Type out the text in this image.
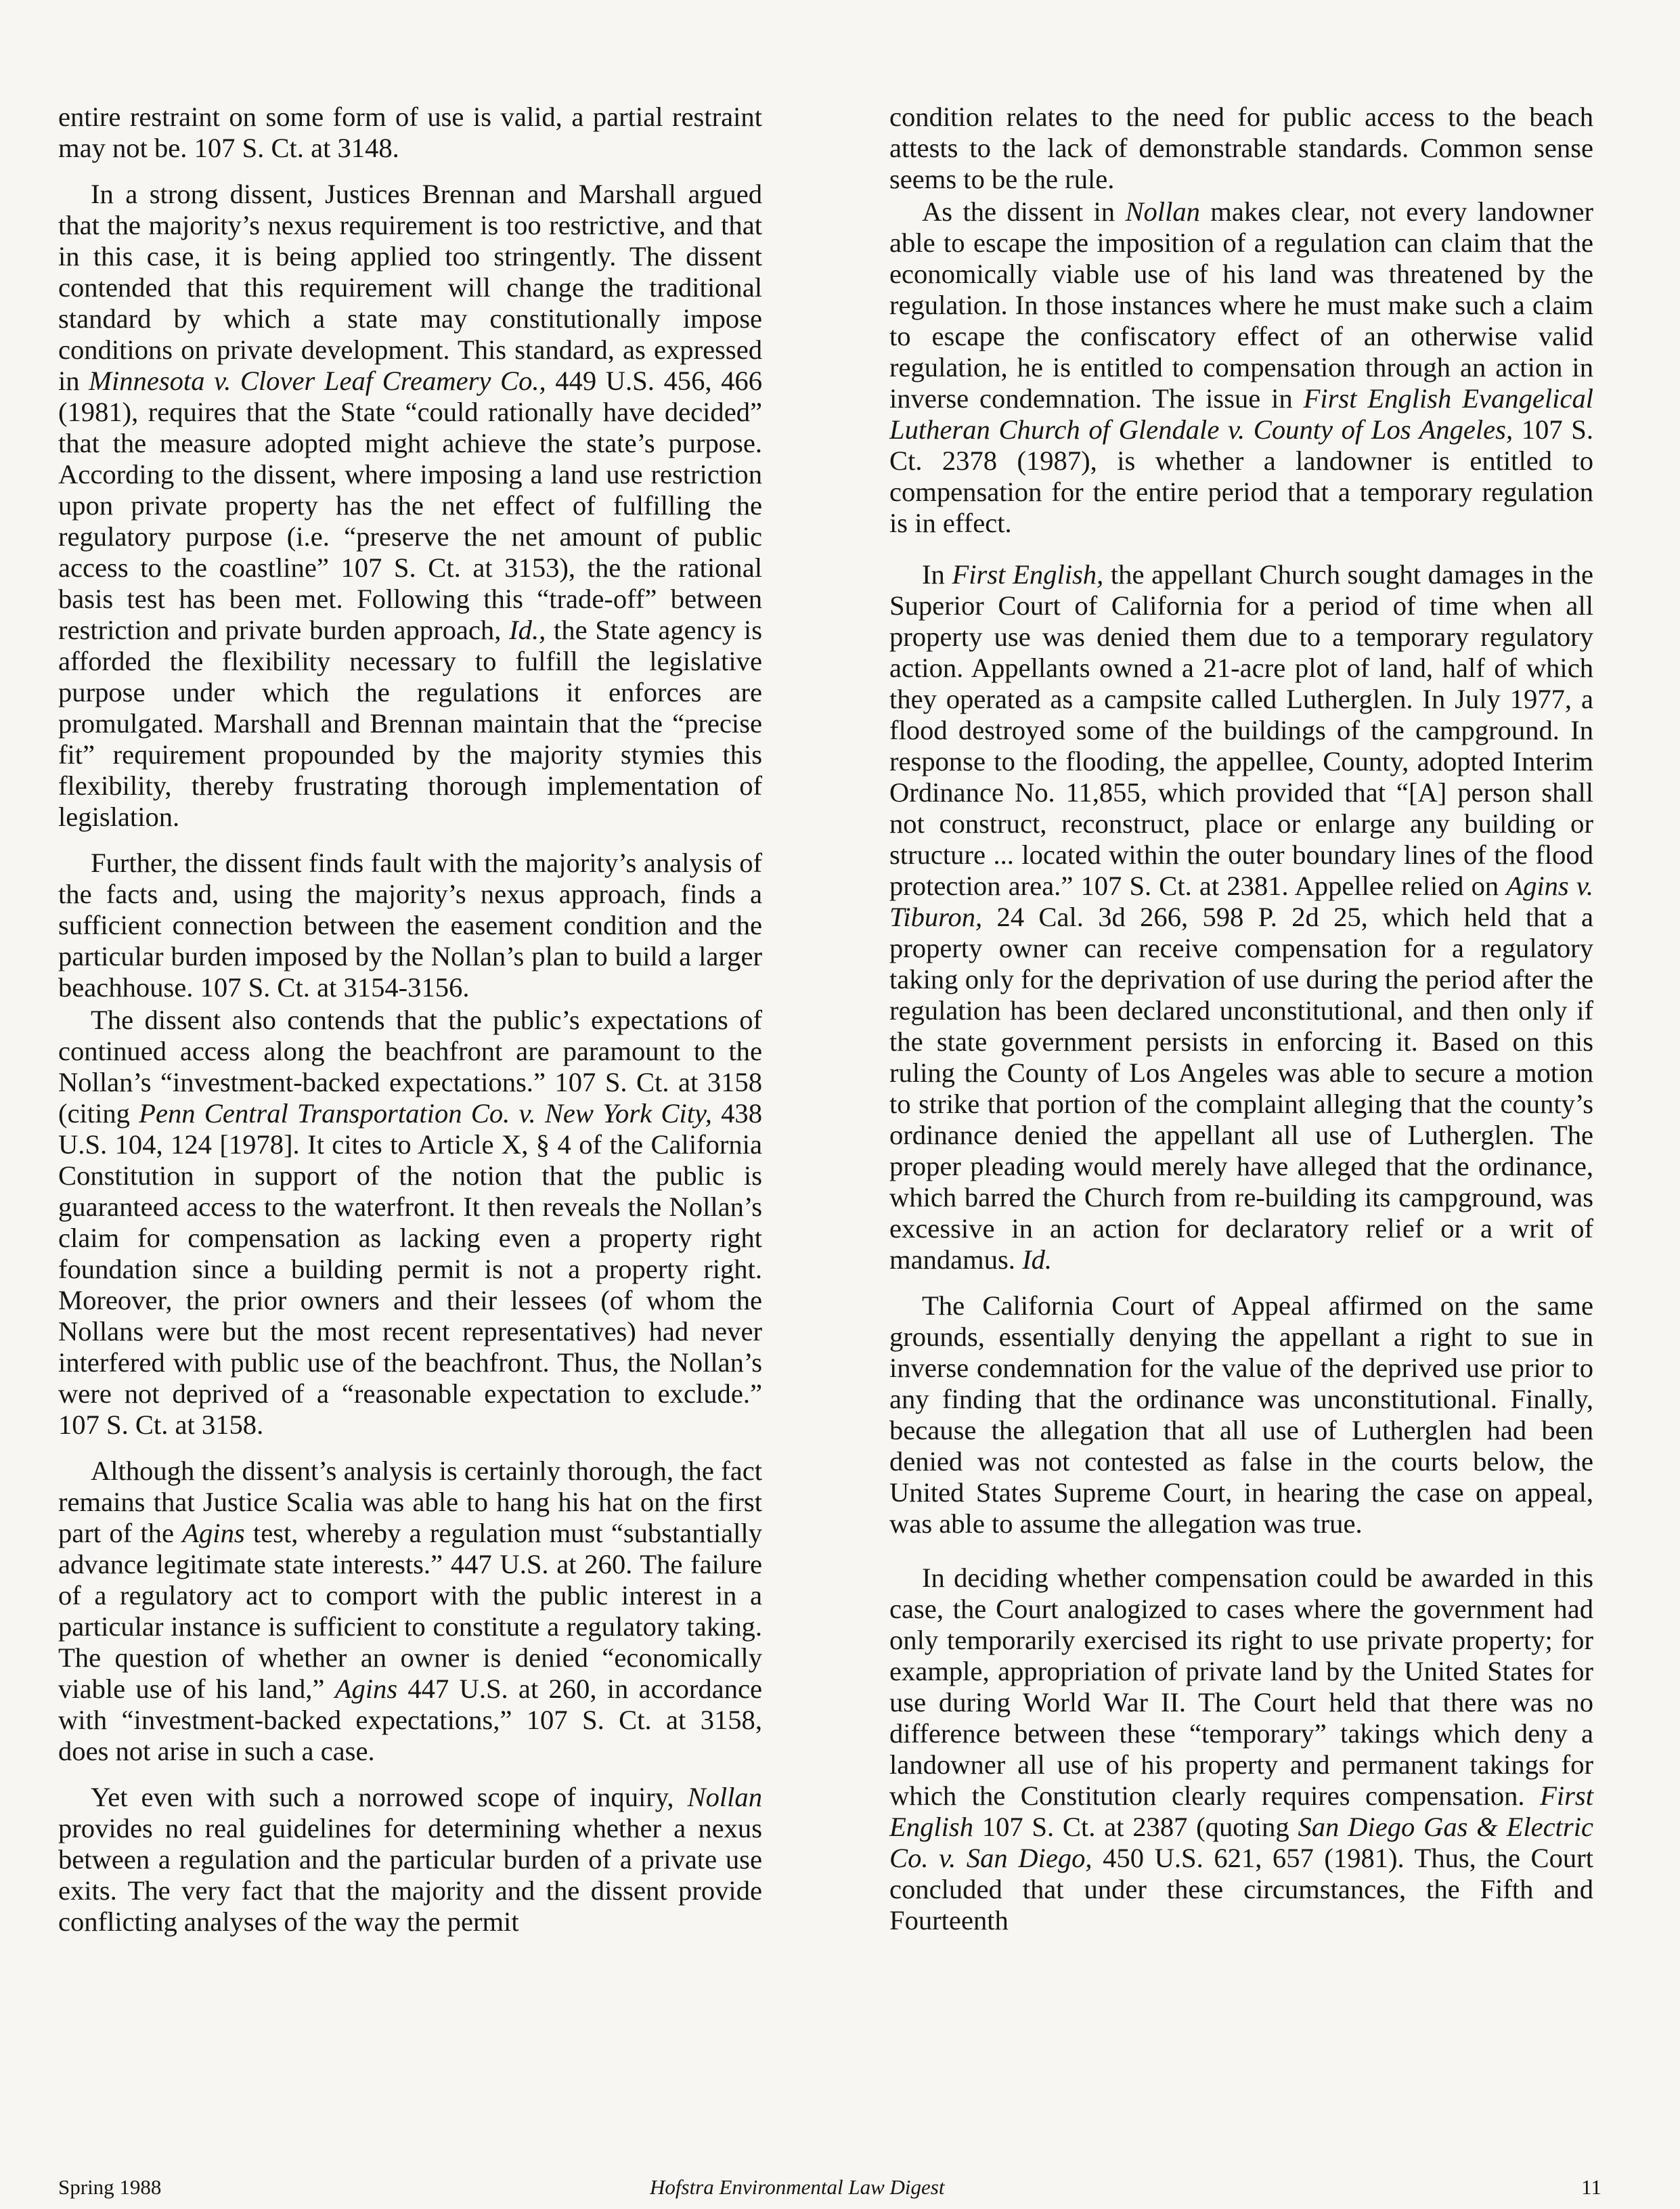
entire restraint on some form of use is valid, a partial restraint may not be. 107 S. Ct. at 3148.

In a strong dissent, Justices Brennan and Marshall argued that the majority’s nexus requirement is too restrictive, and that in this case, it is being applied too stringently. The dissent contended that this requirement will change the traditional standard by which a state may constitutionally impose conditions on private development. This standard, as expressed in Minnesota v. Clover Leaf Creamery Co., 449 U.S. 456, 466 (1981), requires that the State “could rationally have decided” that the measure adopted might achieve the state’s purpose. According to the dissent, where imposing a land use restriction upon private property has the net effect of fulfilling the regulatory purpose (i.e. “preserve the net amount of public access to the coastline” 107 S. Ct. at 3153), the the rational basis test has been met. Following this “trade-off” between restriction and private burden approach, Id., the State agency is afforded the flexibility necessary to fulfill the legislative purpose under which the regulations it enforces are promulgated. Marshall and Brennan maintain that the “precise fit” requirement propounded by the majority stymies this flexibility, thereby frustrating thorough implementation of legislation.

Further, the dissent finds fault with the majority’s analysis of the facts and, using the majority’s nexus approach, finds a sufficient connection between the easement condition and the particular burden imposed by the Nollan’s plan to build a larger beachhouse. 107 S. Ct. at 3154-3156.

The dissent also contends that the public’s expectations of continued access along the beachfront are paramount to the Nollan’s “investment-backed expectations.” 107 S. Ct. at 3158 (citing Penn Central Transportation Co. v. New York City, 438 U.S. 104, 124 [1978]. It cites to Article X, § 4 of the California Constitution in support of the notion that the public is guaranteed access to the waterfront. It then reveals the Nollan’s claim for compensation as lacking even a property right foundation since a building permit is not a property right. Moreover, the prior owners and their lessees (of whom the Nollans were but the most recent representatives) had never interfered with public use of the beachfront. Thus, the Nollan’s were not deprived of a “reasonable expectation to exclude.” 107 S. Ct. at 3158.

Although the dissent’s analysis is certainly thorough, the fact remains that Justice Scalia was able to hang his hat on the first part of the Agins test, whereby a regulation must “substantially advance legitimate state interests.” 447 U.S. at 260. The failure of a regulatory act to comport with the public interest in a particular instance is sufficient to constitute a regulatory taking. The question of whether an owner is denied “economically viable use of his land,” Agins 447 U.S. at 260, in accordance with “investment-backed expectations,” 107 S. Ct. at 3158, does not arise in such a case.

Yet even with such a norrowed scope of inquiry, Nollan provides no real guidelines for determining whether a nexus between a regulation and the particular burden of a private use exits. The very fact that the majority and the dissent provide conflicting analyses of the way the permit

condition relates to the need for public access to the beach attests to the lack of demonstrable standards. Common sense seems to be the rule.

As the dissent in Nollan makes clear, not every landowner able to escape the imposition of a regulation can claim that the economically viable use of his land was threatened by the regulation. In those instances where he must make such a claim to escape the confiscatory effect of an otherwise valid regulation, he is entitled to compensation through an action in inverse condemnation. The issue in First English Evangelical Lutheran Church of Glendale v. County of Los Angeles, 107 S. Ct. 2378 (1987), is whether a landowner is entitled to compensation for the entire period that a temporary regulation is in effect.

In First English, the appellant Church sought damages in the Superior Court of California for a period of time when all property use was denied them due to a temporary regulatory action. Appellants owned a 21-acre plot of land, half of which they operated as a campsite called Lutherglen. In July 1977, a flood destroyed some of the buildings of the campground. In response to the flooding, the appellee, County, adopted Interim Ordinance No. 11,855, which provided that “[A] person shall not construct, reconstruct, place or enlarge any building or structure ... located within the outer boundary lines of the flood protection area.” 107 S. Ct. at 2381. Appellee relied on Agins v. Tiburon, 24 Cal. 3d 266, 598 P. 2d 25, which held that a property owner can receive compensation for a regulatory taking only for the deprivation of use during the period after the regulation has been declared unconstitutional, and then only if the state government persists in enforcing it. Based on this ruling the County of Los Angeles was able to secure a motion to strike that portion of the complaint alleging that the county’s ordinance denied the appellant all use of Lutherglen. The proper pleading would merely have alleged that the ordinance, which barred the Church from re-building its campground, was excessive in an action for declaratory relief or a writ of mandamus. Id.

The California Court of Appeal affirmed on the same grounds, essentially denying the appellant a right to sue in inverse condemnation for the value of the deprived use prior to any finding that the ordinance was unconstitutional. Finally, because the allegation that all use of Lutherglen had been denied was not contested as false in the courts below, the United States Supreme Court, in hearing the case on appeal, was able to assume the allegation was true.

In deciding whether compensation could be awarded in this case, the Court analogized to cases where the government had only temporarily exercised its right to use private property; for example, appropriation of private land by the United States for use during World War II. The Court held that there was no difference between these “temporary” takings which deny a landowner all use of his property and permanent takings for which the Constitution clearly requires compensation. First English 107 S. Ct. at 2387 (quoting San Diego Gas & Electric Co. v. San Diego, 450 U.S. 621, 657 (1981). Thus, the Court concluded that under these circumstances, the Fifth and Fourteenth

Spring 1988	Hofstra Environmental Law Digest	11
